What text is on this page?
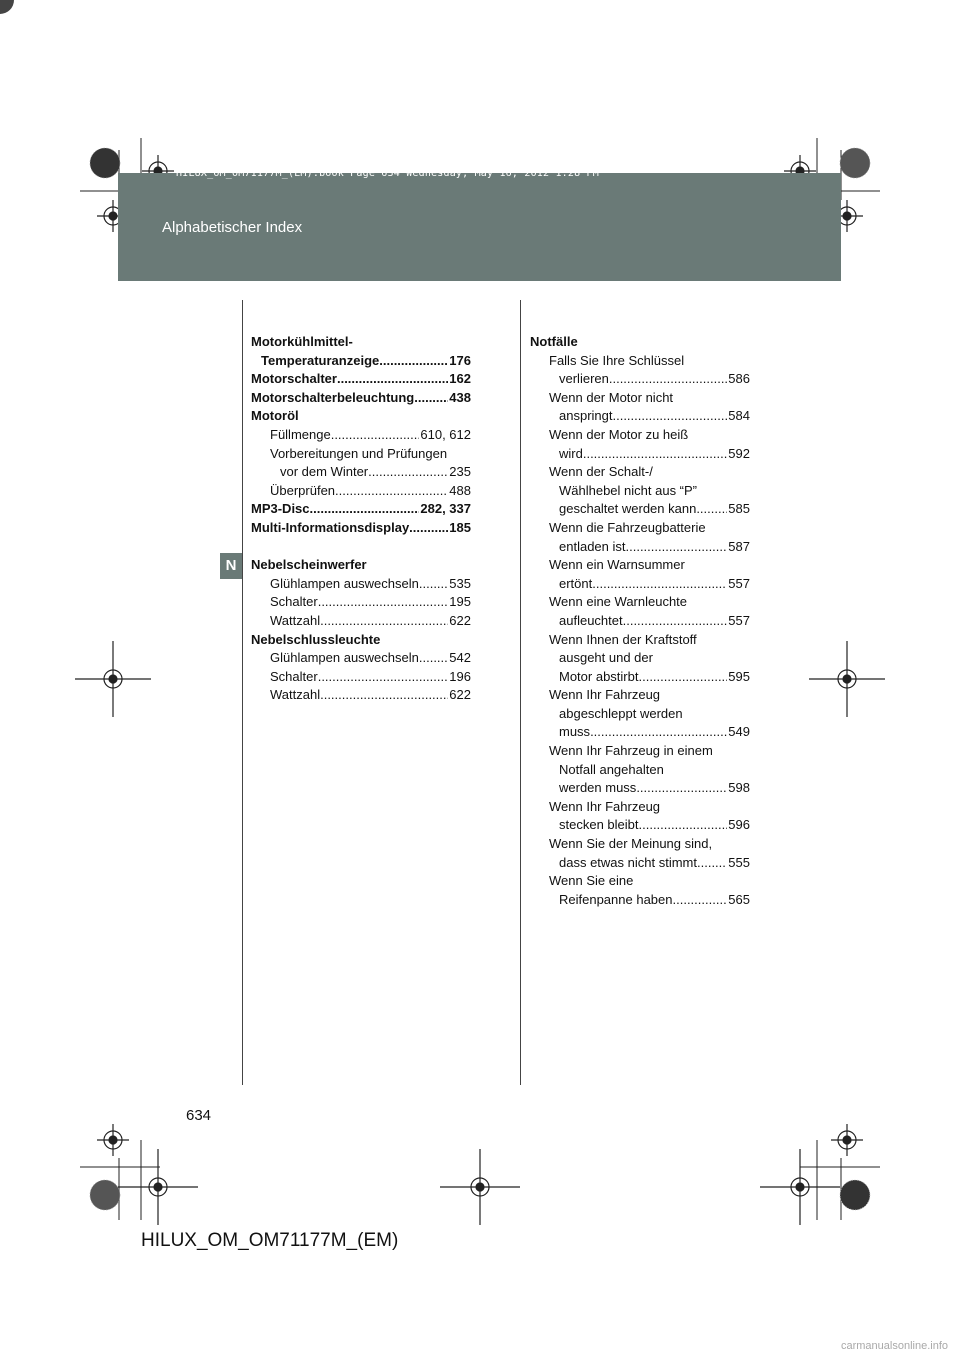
HILUX_OM_OM71177M_(EM).book Page 634 Wednesday, May 16, 2012 1:28 PM
Alphabetischer Index
N
Motorkühlmittel-
Temperaturanzeige .....	176
Motorschalter .....	162
Motorschalterbeleuchtung .....	438
Motoröl
Füllmenge .....	610, 612
Vorbereitungen und Prüfungen
vor dem Winter .....	235
Überprüfen .....	488
MP3-Disc. .....	282, 337
Multi-Informationsdisplay .....	185
Nebelscheinwerfer
Glühlampen auswechseln ..... 535
Schalter .....	195
Wattzahl .....	622
Nebelschlussleuchte
Glühlampen auswechseln ..... 542
Schalter .....	196
Wattzahl .....	622
Notfälle
Falls Sie Ihre Schlüssel
verlieren. .....	586
Wenn der Motor nicht
anspringt. .....	584
Wenn der Motor zu heiß
wird .....	592
Wenn der Schalt-/
Wählhebel nicht aus “P”
geschaltet werden kann ..... 585
Wenn die Fahrzeugbatterie
entladen ist .....	587
Wenn ein Warnsummer
ertönt .....	557
Wenn eine Warnleuchte
aufleuchtet .....	557
Wenn Ihnen der Kraftstoff
ausgeht und der
Motor abstirbt .....	595
Wenn Ihr Fahrzeug
abgeschleppt werden
muss .....	549
Wenn Ihr Fahrzeug in einem
Notfall angehalten
werden muss .....	598
Wenn Ihr Fahrzeug
stecken bleibt .....	596
Wenn Sie der Meinung sind,
dass etwas nicht stimmt ..... 555
Wenn Sie eine
Reifenpanne haben .....	565
634
HILUX_OM_OM71177M_(EM)
carmanualsonline.info
